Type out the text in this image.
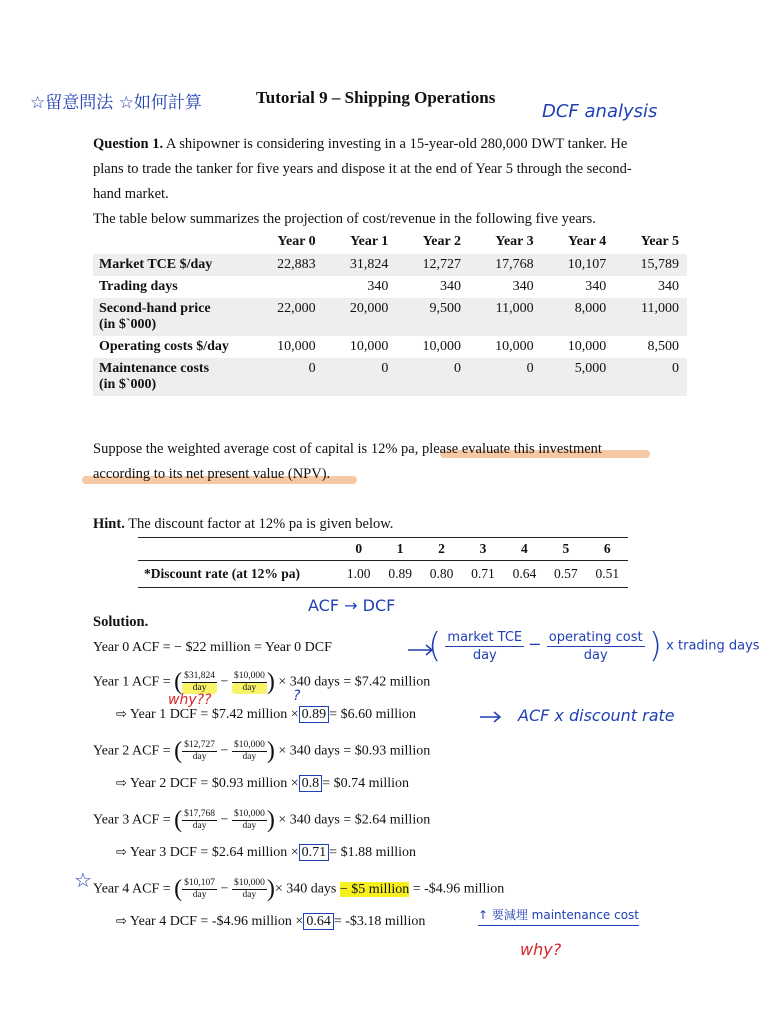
☆留意問法 ☆如何計算	Tutorial 9 – Shipping Operations
DCF analysis
Question 1. A shipowner is considering investing in a 15-year-old 280,000 DWT tanker. He
plans to trade the tanker for five years and dispose it at the end of Year 5 through the second-
hand market.
The table below summarizes the projection of cost/revenue in the following five years.
	Year 0	Year 1	Year 2	Year 3	Year 4	Year 5
Market TCE $/day	22,883	31,824	12,727	17,768	10,107	15,789
Trading days		340	340	340	340	340
Second-hand price
(in $`000)	22,000	20,000	9,500	11,000	8,000	11,000
Operating costs $/day	10,000	10,000	10,000	10,000	10,000	8,500
Maintenance costs
(in $`000)	0	0	0	0	5,000	0
Suppose the weighted average cost of capital is 12% pa, please evaluate this investment
according to its net present value (NPV).
Hint. The discount factor at 12% pa is given below.
	0	1	2	3	4	5	6
*Discount rate (at 12% pa)	1.00	0.89	0.80	0.71	0.64	0.57	0.51
ACF → DCF
Solution.
Year 0 ACF = − $22 million = Year 0 DCF	( $\frac{\text{market TCE}}{\text{day}} - \frac{\text{operating cost}}{\text{day}}$ ) x trading days
Year 1 ACF = ( $\frac{\$31,824}{\text{day}} - \frac{\$10,000}{\text{day}}$ ) × 340 days = $7.42 million
why??	?
⇨ Year 1 DCF = $7.42 million × 0.89 = $6.60 million	ACF x discount rate
Year 2 ACF = ( $\frac{\$12,727}{\text{day}} - \frac{\$10,000}{\text{day}}$ ) × 340 days = $0.93 million
⇨ Year 2 DCF = $0.93 million × 0.8 = $0.74 million
Year 3 ACF = ( $\frac{\$17,768}{\text{day}} - \frac{\$10,000}{\text{day}}$ ) × 340 days = $2.64 million
⇨ Year 3 DCF = $2.64 million × 0.71 = $1.88 million
☆ Year 4 ACF = ( $\frac{\$10,107}{\text{day}} - \frac{\$10,000}{\text{day}}$ )× 340 days − $5 million = -$4.96 million
⇨ Year 4 DCF = -$4.96 million × 0.64 = -$3.18 million	↑ 要減埋 maintenance cost
why?
